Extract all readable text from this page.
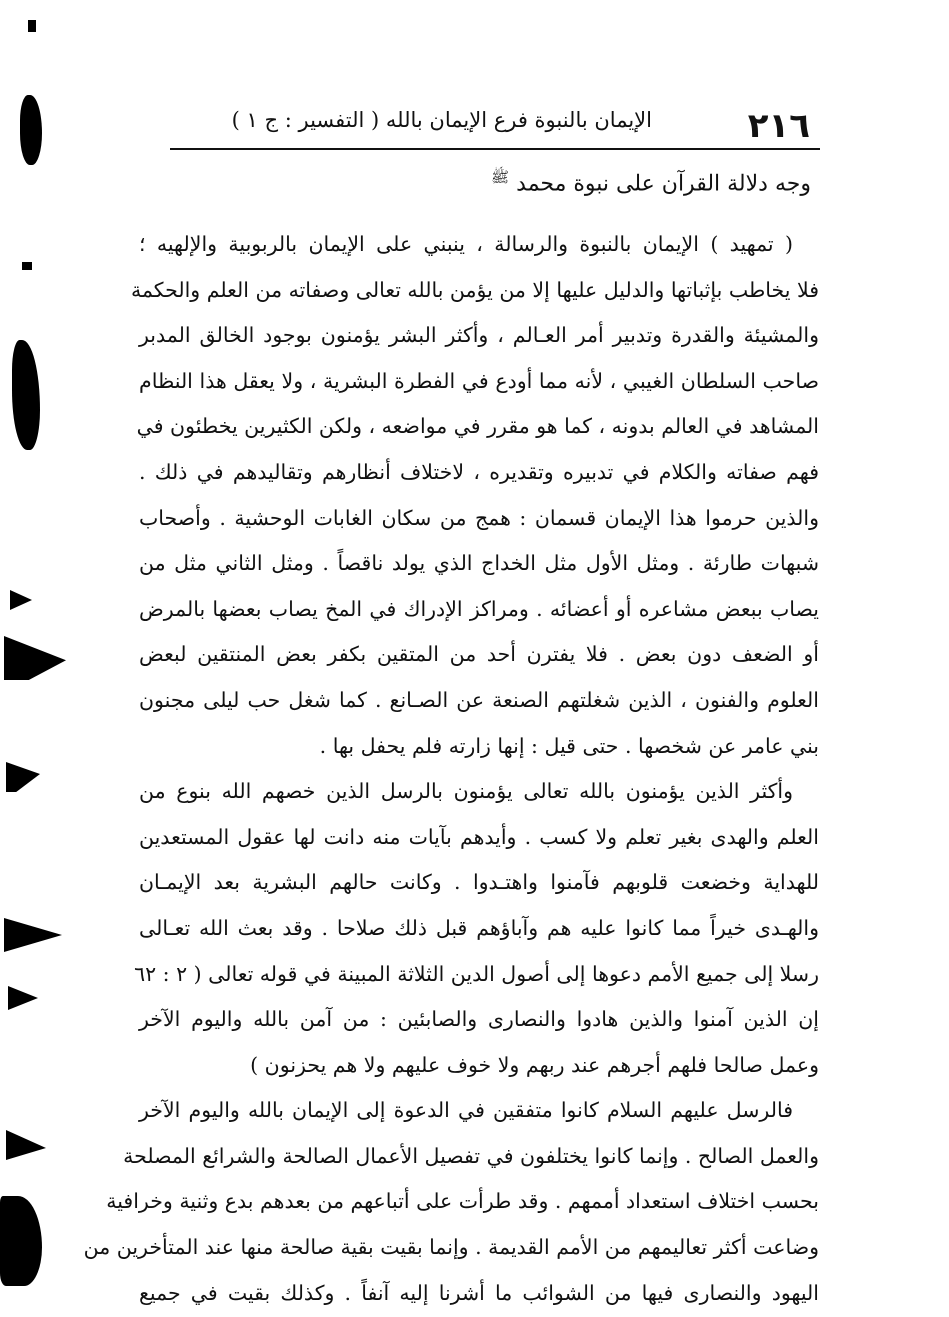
٢١٦
الإيمان بالنبوة فرع الإيمان بالله ( التفسير : ج ١ )
وجه دلالة القرآن على نبوة محمد $^ﷺ$
( تمهيد ) الإيمان بالنبوة والرسالة ، ينبني على الإيمان بالربوبية والإلهيه ؛
فلا يخاطب بإثباتها والدليل عليها إلا من يؤمن بالله تعالى وصفاته من العلم والحكمة
والمشيئة والقدرة وتدبير أمر العـالم ، وأكثر البشر يؤمنون بوجود الخالق المدبر
صاحب السلطان الغيبي ، لأنه مما أودع في الفطرة البشرية ، ولا يعقل هذا النظام
المشاهد في العالم بدونه ، كما هو مقرر في مواضعه ، ولكن الكثيرين يخطئون في
فهم صفاته والكلام في تدبيره وتقديره ، لاختلاف أنظارهم وتقاليدهم في ذلك .
والذين حرموا هذا الإيمان قسمان : همج من سكان الغابات الوحشية . وأصحاب
شبهات طارئة . ومثل الأول مثل الخداج الذي يولد ناقصاً . ومثل الثاني مثل من
يصاب ببعض مشاعره أو أعضائه . ومراكز الإدراك في المخ يصاب بعضها بالمرض
أو الضعف دون بعض . فلا يفترن أحد من المتقين بكفر بعض المنتقين لبعض
العلوم والفنون ، الذين شغلتهم الصنعة عن الصـانع . كما شغل حب ليلى مجنون
بني عامر عن شخصها . حتى قيل : إنها زارته فلم يحفل بها .
وأكثر الذين يؤمنون بالله تعالى يؤمنون بالرسل الذين خصهم الله بنوع من
العلم والهدى بغير تعلم ولا كسب . وأيدهم بآيات منه دانت لها عقول المستعدين
للهداية وخضعت قلوبهم فآمنوا واهتـدوا . وكانت حالهم البشرية بعد الإيمـان
والهـدى خيراً مما كانوا عليه هم وآباؤهم قبل ذلك صلاحا . وقد بعث الله تعـالى
رسلا إلى جميع الأمم دعوها إلى أصول الدين الثلاثة المبينة في قوله تعالى ( ٢ : ٦٢
إن الذين آمنوا والذين هادوا والنصارى والصابئين : من آمن بالله واليوم الآخر
وعمل صالحا فلهم أجرهم عند ربهم ولا خوف عليهم ولا هم يحزنون )
فالرسل عليهم السلام كانوا متفقين في الدعوة إلى الإيمان بالله واليوم الآخر
والعمل الصالح . وإنما كانوا يختلفون في تفصيل الأعمال الصالحة والشرائع المصلحة
بحسب اختلاف استعداد أممهم . وقد طرأت على أتباعهم من بعدهم بدع وثنية وخرافية
وضاعت أكثر تعاليمهم من الأمم القديمة . وإنما بقيت بقية صالحة منها عند المتأخرين من
اليهود والنصارى فيها من الشوائب ما أشرنا إليه آنفاً . وكذلك بقيت في جميع
